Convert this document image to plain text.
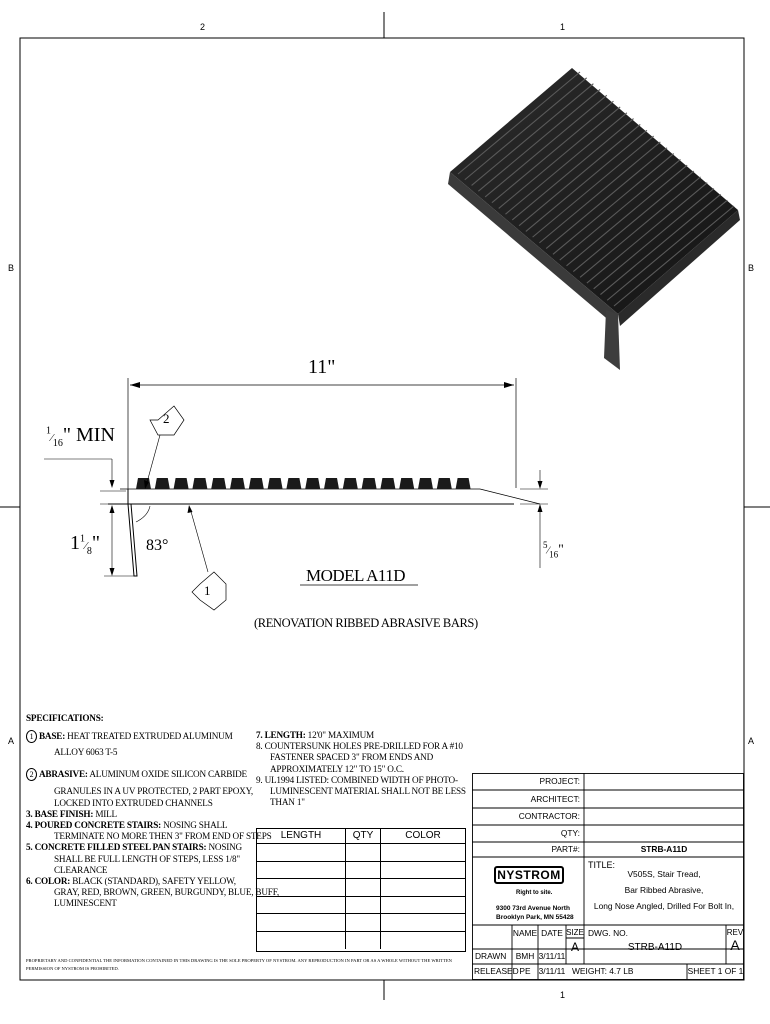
2	1
1
B	B
A	A
11"
$^1⁄_{16}$" MIN
$1^1⁄_8$"	83°	$^5⁄_{16}$"
2
1
MODEL A11D
(RENOVATION RIBBED ABRASIVE BARS)
SPECIFICATIONS:
1 BASE: HEAT TREATED EXTRUDED ALUMINUM
ALLOY 6063 T-5
2 ABRASIVE: ALUMINUM OXIDE SILICON CARBIDE
GRANULES IN A UV PROTECTED, 2 PART EPOXY,
LOCKED INTO EXTRUDED CHANNELS
3. BASE FINISH: MILL
4. POURED CONCRETE STAIRS: NOSING SHALL
TERMINATE NO MORE THEN 3" FROM END OF STEPS
5. CONCRETE FILLED STEEL PAN STAIRS: NOSING
SHALL BE FULL LENGTH OF STEPS, LESS 1/8"
CLEARANCE
6. COLOR: BLACK (STANDARD), SAFETY YELLOW,
GRAY, RED, BROWN, GREEN, BURGUNDY, BLUE, BUFF,
LUMINESCENT
7. LENGTH: 12'0" MAXIMUM
8. COUNTERSUNK HOLES PRE-DRILLED FOR A #10
FASTENER SPACED 3" FROM ENDS AND
APPROXIMATELY 12" TO 15" O.C.
9. UL1994 LISTED: COMBINED WIDTH OF PHOTO-
LUMINESCENT MATERIAL SHALL NOT BE LESS
THAN 1"
LENGTH	QTY	COLOR
PROJECT:
ARCHITECT:
CONTRACTOR:
QTY:
PART#:	STRB-A11D
NYSTROM
Right to site.
9300 73rd Avenue North
Brooklyn Park, MN 55428
TITLE:
V505S, Stair Tread,
Bar Ribbed Abrasive,
Long Nose Angled, Drilled For Bolt In,
NAME DATE SIZE
A
DWG. NO.
STRB-A11D
REV
A
DRAWN	BMH 3/11/11
RELEASED PE 3/11/11 WEIGHT: 4.7 LB	SHEET 1 OF 1
PROPRIETARY AND CONFIDENTIAL THE INFORMATION CONTAINED IN THIS DRAWING IS THE SOLE PROPERTY OF NYSTROM. ANY REPRODUCTION IN PART OR AS A WHOLE WITHOUT THE WRITTEN
PERMISSION OF NYSTROM IS PROHIBITED.
